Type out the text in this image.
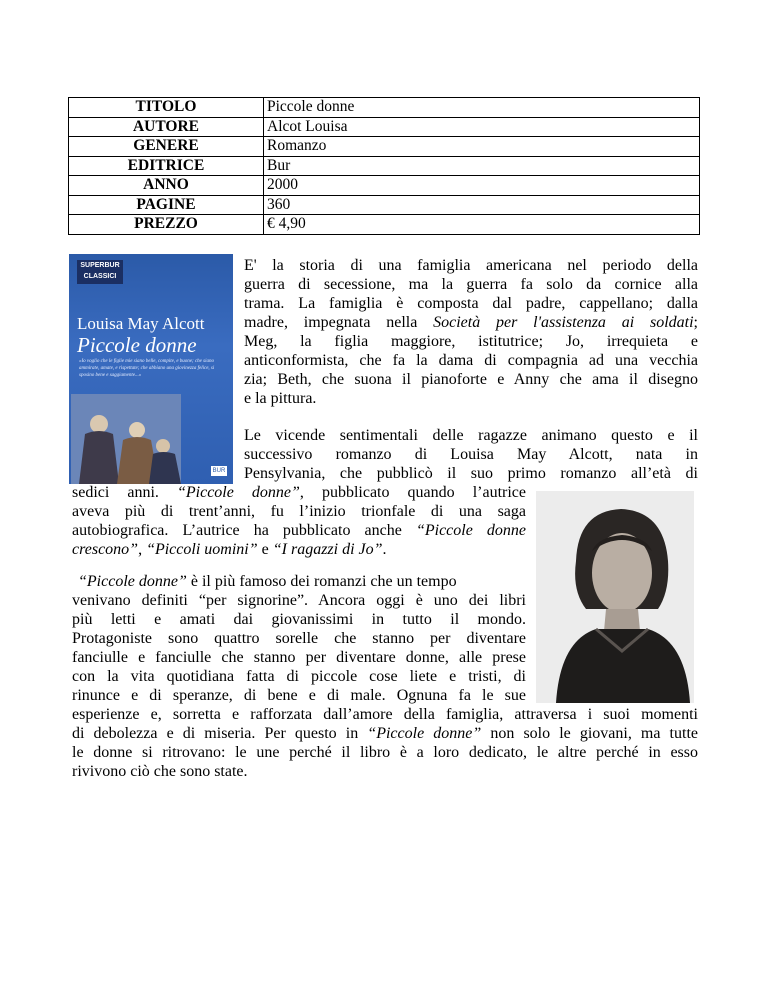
TITOLO	Piccole donne
AUTORE	Alcot Louisa
GENERE	Romanzo
EDITRICE	Bur
ANNO	2000
PAGINE	360
PREZZO	€ 4,90
SUPERBUR CLASSICI
Louisa May Alcott
Piccole donne
«Io voglio che le figlie mie siano belle, compite, e buone; che siano ammirate, amate, e rispettate; che abbiano una giovinezza felice, si sposino bene e saggiamente...»
BUR
E' la storia di una famiglia americana nel periodo della
guerra di secessione, ma la guerra fa solo da cornice alla
trama. La famiglia è composta dal padre, cappellano; dalla
madre, impegnata nella Società per l'assistenza ai soldati;
Meg, la figlia maggiore, istitutrice; Jo, irrequieta e
anticonformista, che fa la dama di compagnia ad una vecchia
zia; Beth, che suona il pianoforte e Anny che ama il disegno
e la pittura.
Le vicende sentimentali delle ragazze animano questo e il
successivo romanzo di Louisa May Alcott, nata in
Pensylvania, che pubblicò il suo primo romanzo all’età di
sedici anni. “Piccole donne”, pubblicato quando l’autrice
aveva più di trent’anni, fu l’inizio trionfale di una saga
autobiografica. L’autrice ha pubblicato anche “Piccole donne
crescono”, “Piccoli uomini” e “I ragazzi di Jo”.
“Piccole donne” è il più famoso dei romanzi che un tempo
venivano definiti “per signorine”. Ancora oggi è uno dei libri
più letti e amati dai giovanissimi in tutto il mondo.
Protagoniste sono quattro sorelle che stanno per diventare
fanciulle e fanciulle che stanno per diventare donne, alle prese
con la vita quotidiana fatta di piccole cose liete e tristi, di
rinunce e di speranze, di bene e di male. Ognuna fa le sue
esperienze e, sorretta e rafforzata dall’amore della famiglia, attraversa i suoi momenti
di debolezza e di miseria. Per questo in “Piccole donne” non solo le giovani, ma tutte
le donne si ritrovano: le une perché il libro è a loro dedicato, le altre perché in esso
rivivono ciò che sono state.
